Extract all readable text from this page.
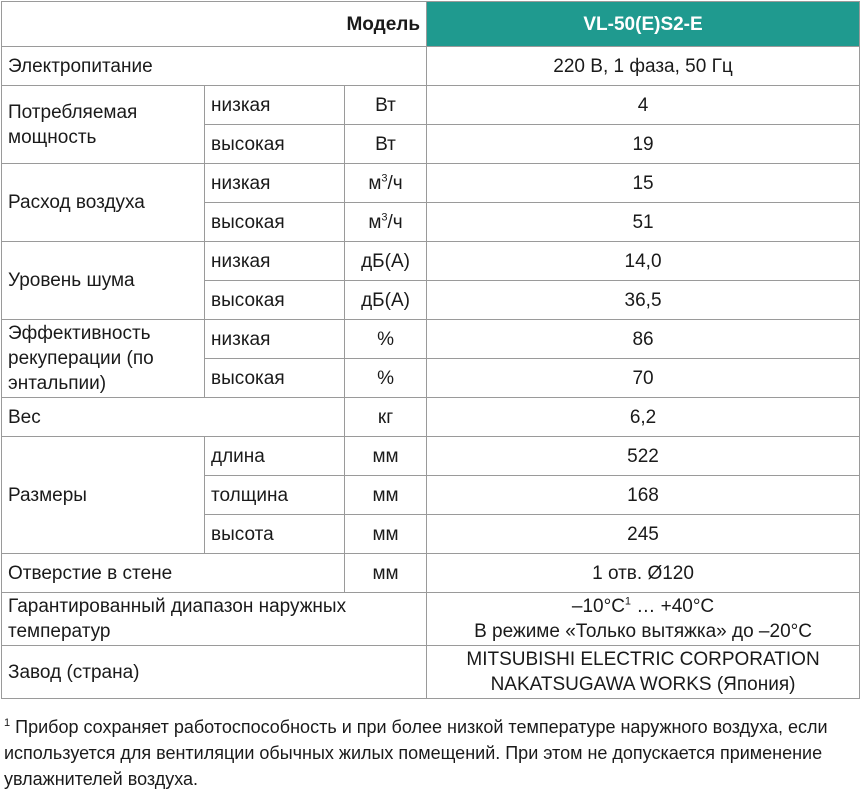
Модель			VL-50(E)S2-E
Электропитание			220 В, 1 фаза, 50 Гц
Потребляемая мощность	низкая	Вт	4
	высокая	Вт	19
Расход воздуха	низкая	$м^3/ч$	15
	высокая	$м^3/ч$	51
Уровень шума	низкая	дБ(А)	14,0
	высокая	дБ(А)	36,5
Эффективность рекуперации (по энтальпии)	низкая	%	86
	высокая	%	70
Вес		кг	6,2
Размеры	длина	мм	522
	толщина	мм	168
	высота	мм	245
Отверстие в стене		мм	1 отв. Ø120
Гарантированный диапазон наружных температур			$-10^\circ С^1$ … +40°С
В режиме «Только вытяжка» до –20°С

Завод (страна)			MITSUBISHI ELECTRIC CORPORATION
NAKATSUGAWA WORKS (Япония)
$^1$ Прибор сохраняет работоспособность и при более низкой температуре наружного воздуха, если используется для вентиляции обычных жилых помещений. При этом не допускается применение увлажнителей воздуха.
